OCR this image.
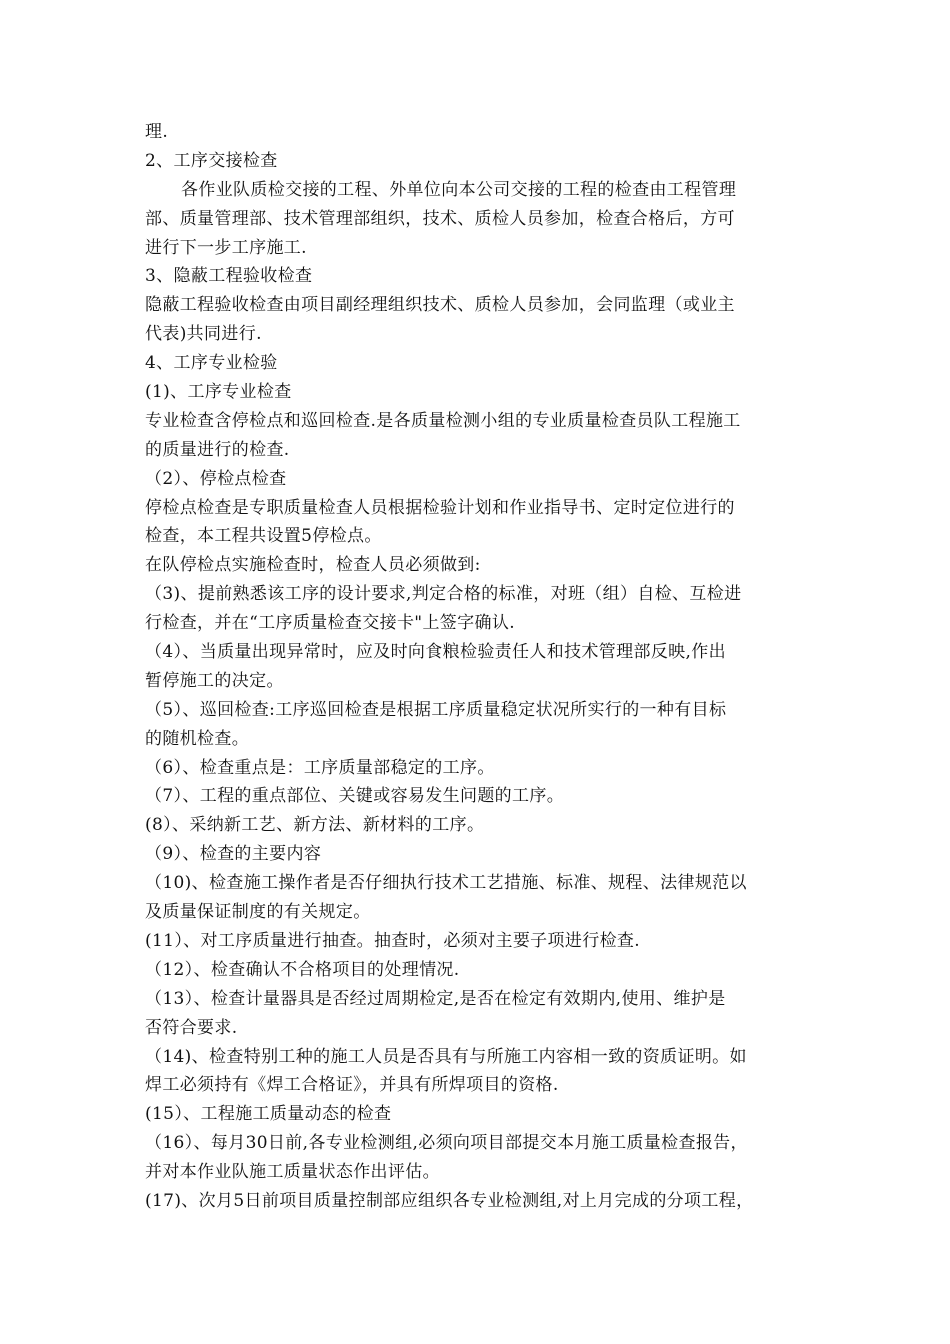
理.
2、工序交接检查
各作业队质检交接的工程、外单位向本公司交接的工程的检查由工程管理
部、质量管理部、技术管理部组织，技术、质检人员参加，检查合格后，方可
进行下一步工序施工.
3、隐蔽工程验收检查
隐蔽工程验收检查由项目副经理组织技术、质检人员参加，会同监理（或业主
代表)共同进行.
4、工序专业检验
(1)、工序专业检查
专业检查含停检点和巡回检查.是各质量检测小组的专业质量检查员队工程施工
的质量进行的检查.
（2）、停检点检查
停检点检查是专职质量检查人员根据检验计划和作业指导书、定时定位进行的
检查，本工程共设置5停检点。
在队停检点实施检查时，检查人员必须做到:
（3)、提前熟悉该工序的设计要求,判定合格的标准，对班（组）自检、互检进
行检查，并在“工序质量检查交接卡"上签字确认.
（4）、当质量出现异常时，应及时向食粮检验责任人和技术管理部反映,作出
暂停施工的决定。
（5）、巡回检查:工序巡回检查是根据工序质量稳定状况所实行的一种有目标
的随机检查。
（6）、检查重点是：工序质量部稳定的工序。
（7）、工程的重点部位、关键或容易发生问题的工序。
(8）、采纳新工艺、新方法、新材料的工序。
（9）、检查的主要内容
（10)、检查施工操作者是否仔细执行技术工艺措施、标准、规程、法律规范以
及质量保证制度的有关规定。
(11）、对工序质量进行抽查。抽查时，必须对主要子项进行检查.
（12）、检查确认不合格项目的处理情况.
（13）、检查计量器具是否经过周期检定,是否在检定有效期内,使用、维护是
否符合要求.
（14)、检查特别工种的施工人员是否具有与所施工内容相一致的资质证明。如
焊工必须持有《焊工合格证》，并具有所焊项目的资格.
(15）、工程施工质量动态的检查
（16）、每月30日前,各专业检测组,必须向项目部提交本月施工质量检查报告，
并对本作业队施工质量状态作出评估。
(17)、次月5日前项目质量控制部应组织各专业检测组,对上月完成的分项工程，
